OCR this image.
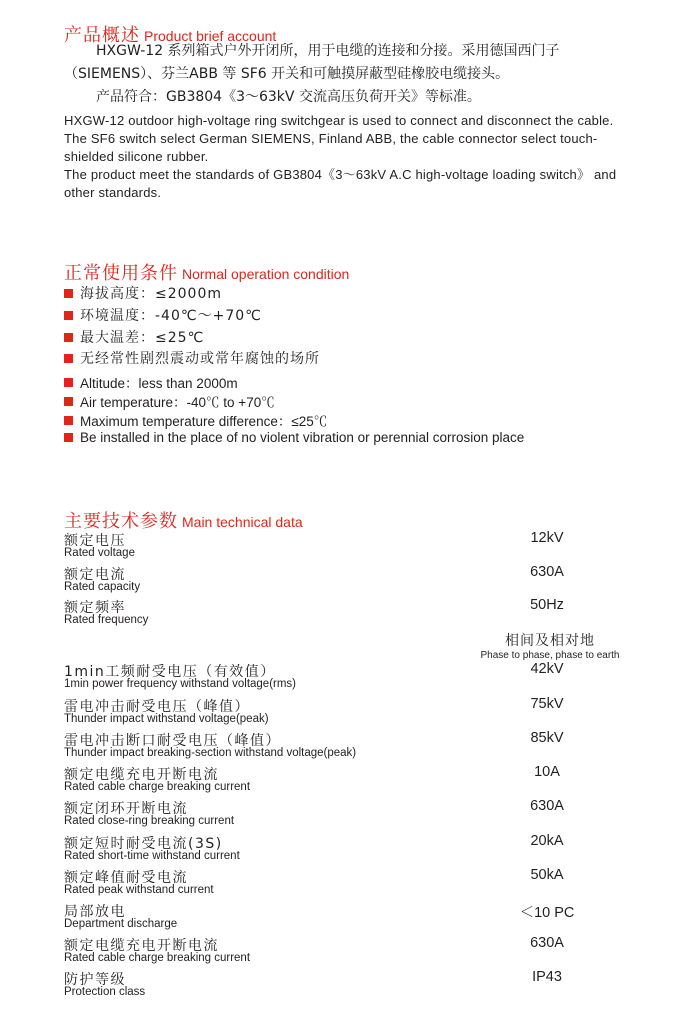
产品概述 Product brief account
HXGW-12 系列箱式户外开闭所，用于电缆的连接和分接。采用德国西门子（SIEMENS）、芬兰ABB 等 SF6 开关和可触摸屏蔽型硅橡胶电缆接头。
产品符合：GB3804《3～63kV 交流高压负荷开关》等标准。
HXGW-12 outdoor high-voltage ring switchgear is used to connect and disconnect the cable. The SF6 switch select German SIEMENS, Finland ABB, the cable connector select touch-shielded silicone rubber.
The product meet the standards of GB3804《3～63kV A.C high-voltage loading switch》 and other standards.
正常使用条件 Normal operation condition
海拔高度：≤2000m
环境温度：-40℃～+70℃
最大温差：≤25℃
无经常性剧烈震动或常年腐蚀的场所
Altitude：less than 2000m
Air temperature：-40℃ to +70℃
Maximum temperature difference：≤25℃
Be installed in the place of no violent vibration or perennial corrosion place
主要技术参数 Main technical data
相间及相对地
Phase to phase, phase to earth
额定电压
Rated voltage
12kV
额定电流
Rated capacity
630A
额定频率
Rated frequency
50Hz
1min工频耐受电压（有效值）
1min power frequency withstand voltage(rms)
42kV
雷电冲击耐受电压（峰值）
Thunder impact withstand voltage(peak)
75kV
雷电冲击断口耐受电压（峰值）
Thunder impact breaking-section withstand voltage(peak)
85kV
额定电缆充电开断电流
Rated cable charge breaking current
10A
额定闭环开断电流
Rated close-ring breaking current
630A
额定短时耐受电流(3S)
Rated short-time withstand current
20kA
额定峰值耐受电流
Rated peak withstand current
50kA
局部放电
Department discharge
＜10 PC
额定电缆充电开断电流
Rated cable charge breaking current
630A
防护等级
Protection class
IP43
